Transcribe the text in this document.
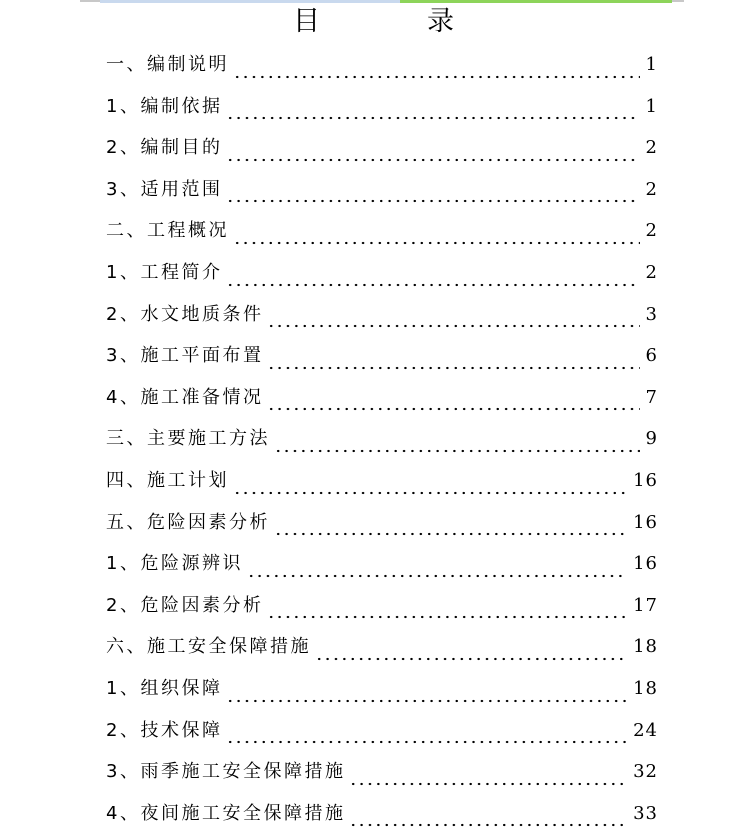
目　录
一、编制说明	1
1、编制依据	1
2、编制目的	2
3、适用范围	2
二、工程概况	2
1、工程简介	2
2、水文地质条件	3
3、施工平面布置	6
4、施工准备情况	7
三、主要施工方法	9
四、施工计划	16
五、危险因素分析	16
1、危险源辨识	16
2、危险因素分析	17
六、施工安全保障措施	18
1、组织保障	18
2、技术保障	24
3、雨季施工安全保障措施	32
4、夜间施工安全保障措施	33
